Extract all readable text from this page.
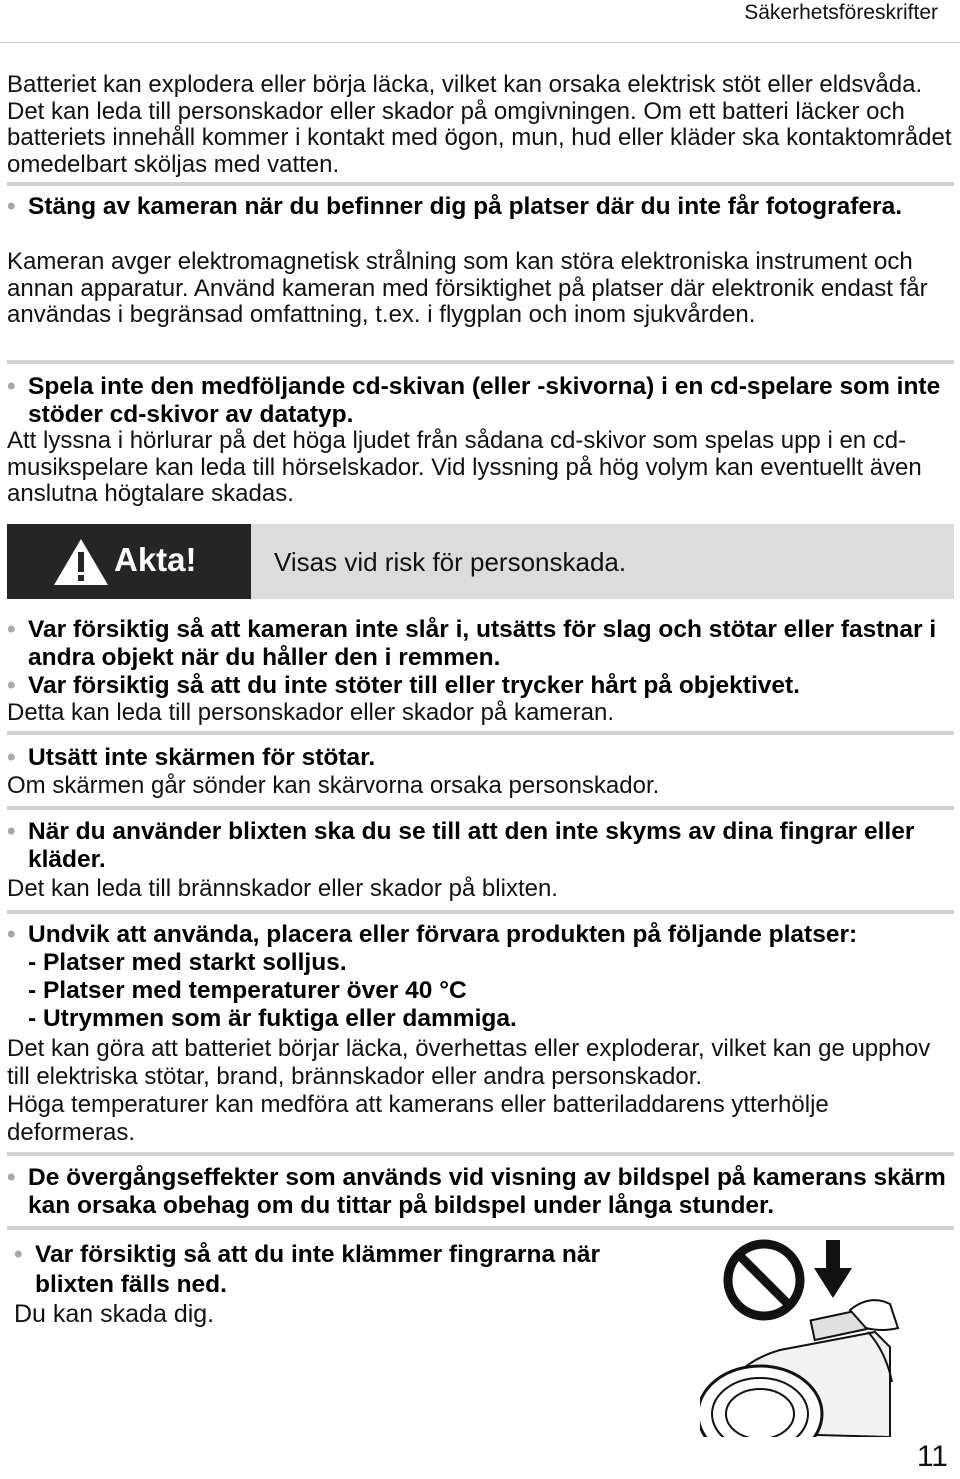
Säkerhetsföreskrifter
Batteriet kan explodera eller börja läcka, vilket kan orsaka elektrisk stöt eller eldsvåda. Det kan leda till personskador eller skador på omgivningen. Om ett batteri läcker och batteriets innehåll kommer i kontakt med ögon, mun, hud eller kläder ska kontaktområdet omedelbart sköljas med vatten.
• Stäng av kameran när du befinner dig på platser där du inte får fotografera.
Kameran avger elektromagnetisk strålning som kan störa elektroniska instrument och annan apparatur. Använd kameran med försiktighet på platser där elektronik endast får användas i begränsad omfattning, t.ex. i flygplan och inom sjukvården.
• Spela inte den medföljande cd-skivan (eller -skivorna) i en cd-spelare som inte stöder cd-skivor av datatyp.
Att lyssna i hörlurar på det höga ljudet från sådana cd-skivor som spelas upp i en cd-musikspelare kan leda till hörselskador. Vid lyssning på hög volym kan eventuellt även anslutna högtalare skadas.
Akta!	Visas vid risk för personskada.
• Var försiktig så att kameran inte slår i, utsätts för slag och stötar eller fastnar i andra objekt när du håller den i remmen.
• Var försiktig så att du inte stöter till eller trycker hårt på objektivet.
Detta kan leda till personskador eller skador på kameran.
• Utsätt inte skärmen för stötar.
Om skärmen går sönder kan skärvorna orsaka personskador.
• När du använder blixten ska du se till att den inte skyms av dina fingrar eller kläder.
Det kan leda till brännskador eller skador på blixten.
• Undvik att använda, placera eller förvara produkten på följande platser:
- Platser med starkt solljus.
- Platser med temperaturer över 40 °C
- Utrymmen som är fuktiga eller dammiga.
Det kan göra att batteriet börjar läcka, överhettas eller exploderar, vilket kan ge upphov till elektriska stötar, brand, brännskador eller andra personskador.
Höga temperaturer kan medföra att kamerans eller batteriladdarens ytterhölje deformeras.
• De övergångseffekter som används vid visning av bildspel på kamerans skärm kan orsaka obehag om du tittar på bildspel under långa stunder.
• Var försiktig så att du inte klämmer fingrarna när blixten fälls ned.
Du kan skada dig.
11
